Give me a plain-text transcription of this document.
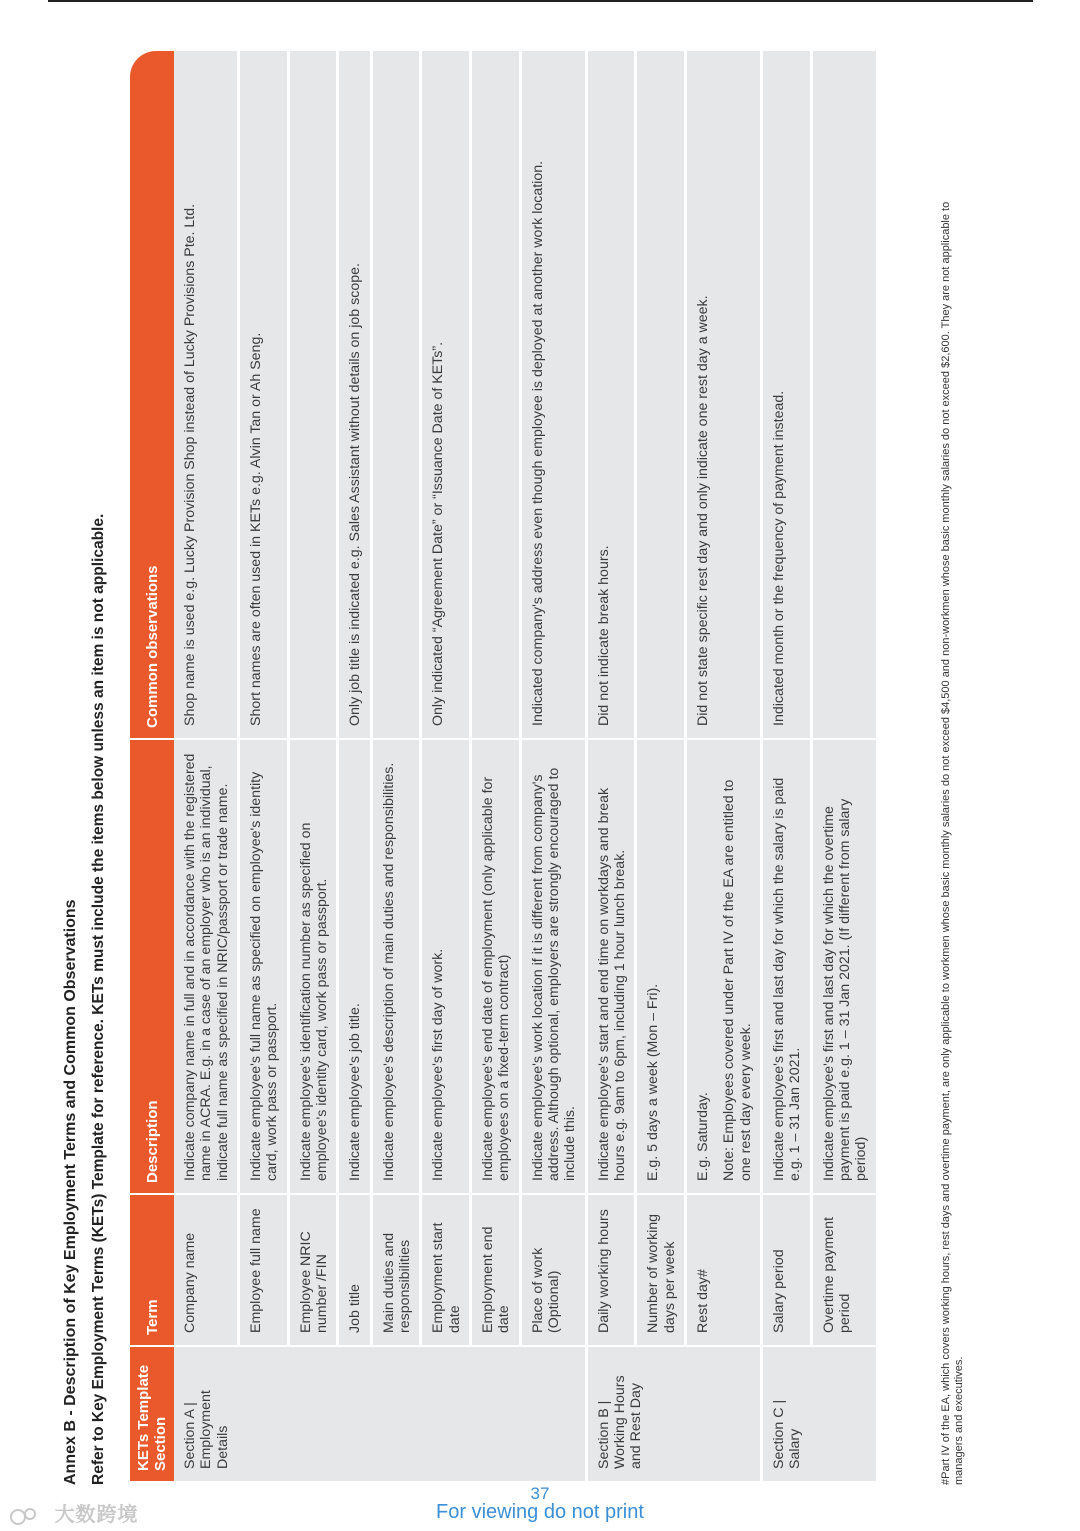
Annex B - Description of Key Employment Terms and Common Observations Refer to Key Employment Terms (KETs) Template for reference. KETs must include the items below unless an item is not applicable. KETs Template Section	Term	Description	Common observations
Section A | Employment Details	Company name	Indicate company name in full and in accordance with the registered name in ACRA. E.g. in a case of an employer who is an individual, indicate full name as specified in NRIC/passport or trade name.	Shop name is used e.g. Lucky Provision Shop instead of Lucky Provisions Pte. Ltd.
	Employee full name	Indicate employee's full name as specified on employee's identity card, work pass or passport.	Short names are often used in KETs e.g. Alvin Tan or Ah Seng.
	Employee NRIC number /FIN	Indicate employee's identification number as specified on employee's identity card, work pass or passport.	

	Job title	Indicate employee's job title.	Only job title is indicated e.g. Sales Assistant without details on job scope.
	Main duties and responsibilities	Indicate employee's description of main duties and responsibilities.	

	Employment start date	Indicate employee's first day of work.	Only indicated “Agreement Date” or “Issuance Date of KETs”.
	Employment end date	Indicate employee's end date of employment (only applicable for employees on a fixed-term contract)	

	Place of work (Optional)	Indicate employee's work location if it is different from company's address. Although optional, employers are strongly encouraged to include this.	Indicated company's address even though employee is deployed at another work location.
Section B | Working Hours and Rest Day	Daily working hours	Indicate employee's start and end time on workdays and break hours e.g. 9am to 6pm, including 1 hour lunch break.	Did not indicate break hours.
	Number of working days per week	E.g. 5 days a week (Mon – Fri).	

	Rest day#	E.g. Saturday. Note: Employees covered under Part IV of the EA are entitled to one rest day every week.	Did not state specific rest day and only indicate one rest day a week.
Section C | Salary	Salary period	Indicate employee's first and last day for which the salary is paid e.g. 1 – 31 Jan 2021.	Indicated month or the frequency of payment instead.
	Overtime payment period	Indicate employee's first and last day for which the overtime payment is paid e.g. 1 – 31 Jan 2021. (If different from salary period)	

		#Part IV of the EA, which covers working hours, rest days and overtime payment, are only applicable to workmen whose basic monthly salaries do not exceed $4,500 and non-workmen whose basic monthly salaries do not exceed $2,600. They are not applicable to managers and executives.
大数跨境
37
For viewing do not print
